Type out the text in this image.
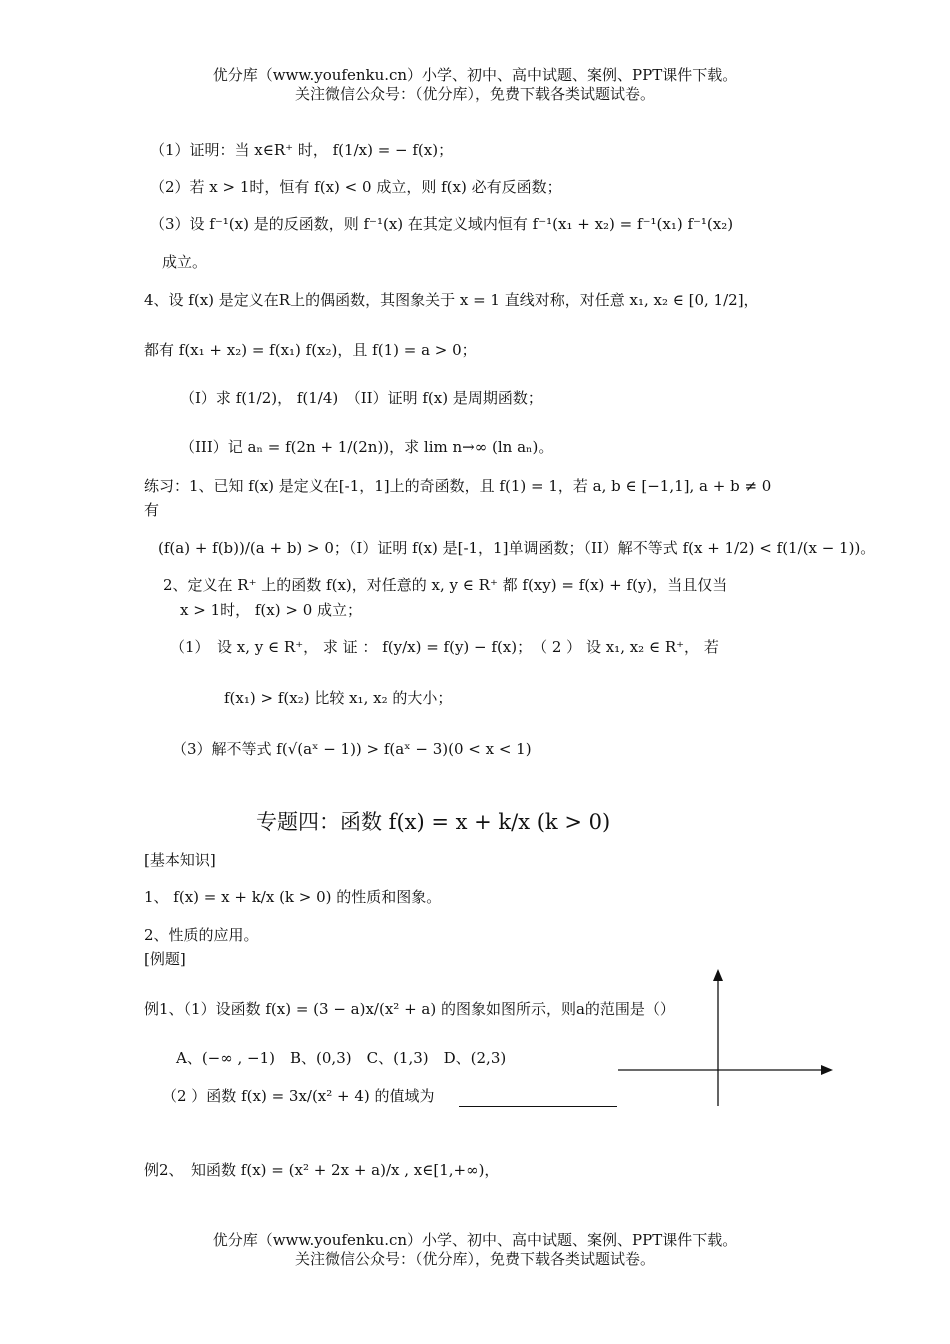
优分库（www.youfenku.cn）小学、初中、高中试题、案例、PPT课件下载。
关注微信公众号：（优分库），免费下载各类试题试卷。
（1）证明：当 x∈R⁺ 时， f(1/x) = − f(x)；
（2）若 x > 1时，恒有 f(x) < 0 成立，则 f(x) 必有反函数；
（3）设 f⁻¹(x) 是的反函数，则 f⁻¹(x) 在其定义域内恒有 f⁻¹(x₁ + x₂) = f⁻¹(x₁) f⁻¹(x₂)
成立。
4、设 f(x) 是定义在R上的偶函数，其图象关于 x = 1 直线对称，对任意 x₁, x₂ ∈ [0, 1/2]，
都有 f(x₁ + x₂) = f(x₁) f(x₂)，且 f(1) = a > 0；
（I）求 f(1/2)， f(1/4)　（II）证明 f(x) 是周期函数；
（III）记 aₙ = f(2n + 1/(2n))，求 lim n→∞ (ln aₙ)。
练习：1、已知 f(x) 是定义在[-1，1]上的奇函数，且 f(1) = 1，若 a, b ∈ [−1,1], a + b ≠ 0
有
(f(a) + f(b))/(a + b) > 0；（I）证明 f(x) 是[-1，1]单调函数；（II）解不等式 f(x + 1/2) < f(1/(x − 1))。
2、定义在 R⁺ 上的函数 f(x)，对任意的 x, y ∈ R⁺ 都 f(xy) = f(x) + f(y)，当且仅当
x > 1时， f(x) > 0 成立；
（1）　设 x, y ∈ R⁺， 求 证 ： f(y/x) = f(y) − f(x)；　（ 2 ） 设 x₁, x₂ ∈ R⁺， 若
f(x₁) > f(x₂) 比较 x₁, x₂ 的大小；
（3）解不等式 f(√(aˣ − 1)) > f(aˣ − 3)(0 < x < 1)
专题四：函数 f(x) = x + k/x (k > 0)
[基本知识]
1、 f(x) = x + k/x (k > 0) 的性质和图象。
2、性质的应用。
[例题]
例1、（1）设函数 f(x) = (3 − a)x/(x² + a) 的图象如图所示，则a的范围是（）
A、(−∞ , −1)　B、(0,3)　C、(1,3)　D、(2,3)
（2 ）函数 f(x) = 3x/(x² + 4) 的值域为
例2、　知函数 f(x) = (x² + 2x + a)/x , x∈[1,+∞)，
优分库（www.youfenku.cn）小学、初中、高中试题、案例、PPT课件下载。
关注微信公众号：（优分库），免费下载各类试题试卷。
